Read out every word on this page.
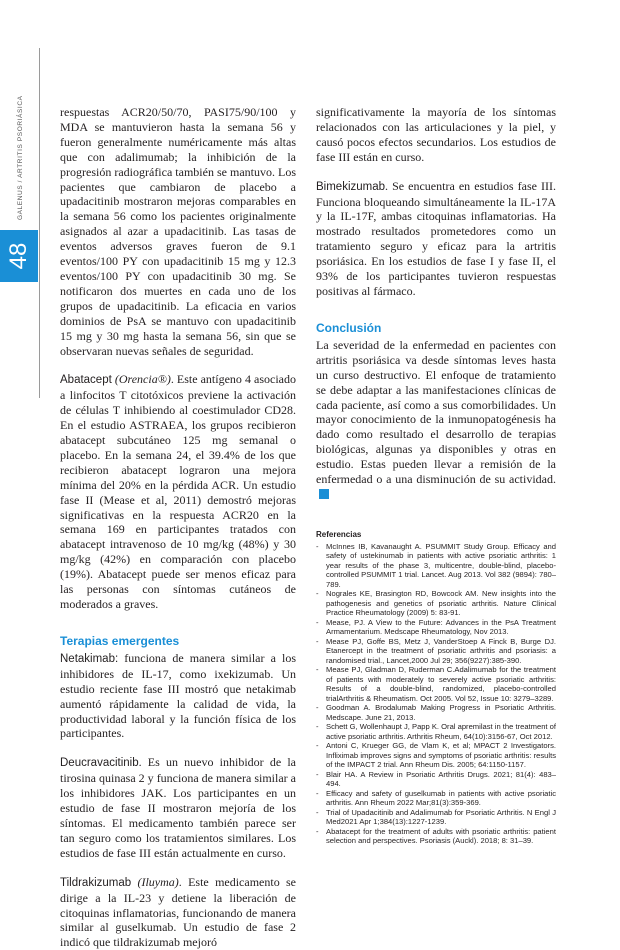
48
GALENUS / ARTRITIS PSORIÁSICA	respuestas ACR20/50/70, PASI75/90/100 y MDA se mantuvieron hasta la semana 56 y fueron generalmente numéricamente más altas que con adalimumab; la inhibición de la progresión radiográfica también se mantuvo. Los pacientes que cambiaron de placebo a upadacitinib mostraron mejoras comparables en la semana 56 como los pacientes originalmente asignados al azar a upadacitinib. Las tasas de eventos adversos graves fueron de 9.1 eventos/100 PY con upadacitinib 15 mg y 12.3 eventos/100 PY con upadacitinib 30 mg. Se notificaron dos muertes en cada uno de los grupos de upadacitinib. La eficacia en varios dominios de PsA se mantuvo con upadacitinib 15 mg y 30 mg hasta la semana 56, sin que se observaran nuevas señales de seguridad.

Abatacept (Orencia®). Este antígeno 4 asociado a linfocitos T citotóxicos previene la activación de células T inhibiendo al coestimulador CD28. En el estudio ASTRAEA, los grupos recibieron abatacept subcutáneo 125 mg semanal o placebo. En la semana 24, el 39.4% de los que recibieron abatacept lograron una mejora mínima del 20% en la pérdida ACR. Un estudio fase II (Mease et al, 2011) demostró mejoras significativas en la respuesta ACR20 en la semana 169 en participantes tratados con abatacept intravenoso de 10 mg/kg (48%) y 30 mg/kg (42%) en comparación con placebo (19%). Abatacept puede ser menos eficaz para las personas con síntomas cutáneos de moderados a graves.

Terapias emergentes

Netakimab: funciona de manera similar a los inhibidores de IL-17, como ixekizumab. Un estudio reciente fase III mostró que netakimab aumentó rápidamente la calidad de vida, la productividad laboral y la función física de los participantes.

Deucravacitinib. Es un nuevo inhibidor de la tirosina quinasa 2 y funciona de manera similar a los inhibidores JAK. Los participantes en un estudio de fase II mostraron mejoría de los síntomas. El medicamento también parece ser tan seguro como los tratamientos similares. Los estudios de fase III están actualmente en curso.

Tildrakizumab (Iluyma). Este medicamento se dirige a la IL-23 y detiene la liberación de citoquinas inflamatorias, funcionando de manera similar al guselkumab. Un estudio de fase 2 indicó que tildrakizumab mejoró

significativamente la mayoría de los síntomas relacionados con las articulaciones y la piel, y causó pocos efectos secundarios. Los estudios de fase III están en curso.

Bimekizumab. Se encuentra en estudios fase III. Funciona bloqueando simultáneamente la IL-17A y la IL-17F, ambas citoquinas inflamatorias. Ha mostrado resultados prometedores como un tratamiento seguro y eficaz para la artritis psoriásica. En los estudios de fase I y fase II, el 93% de los participantes tuvieron respuestas positivas al fármaco.

Conclusión

La severidad de la enfermedad en pacientes con artritis psoriásica va desde síntomas leves hasta un curso destructivo. El enfoque de tratamiento se debe adaptar a las manifestaciones clínicas de cada paciente, así como a sus comorbilidades. Un mayor conocimiento de la inmunopatogénesis ha dado como resultado el desarrollo de terapias biológicas, algunas ya disponibles y otras en estudio. Estas pueden llevar a remisión de la enfermedad o a una disminución de su actividad.

Referencias
- McInnes IB, Kavanaught A. PSUMMIT Study Group. Efficacy and safety of ustekinumab in patients with active psoriatic arthritis: 1 year results of the phase 3, multicentre, double-blind, placebo-controlled PSUMMIT 1 trial. Lancet. Aug 2013. Vol 382 (9894): 780–789.
- Nograles KE, Brasington RD, Bowcock AM. New insights into the pathogenesis and genetics of psoriatic arthritis. Nature Clinical Practice Rheumatology (2009) 5: 83-91.
- Mease, PJ. A View to the Future: Advances in the PsA Treatment Armamentarium. Medscape Rheumatology, Nov 2013.
- Mease PJ, Goffe BS, Metz J, VanderStoep A Finck B, Burge DJ. Etanercept in the treatment of psoriatic arthritis and psoriasis: a randomised trial., Lancet,2000 Jul 29; 356(9227):385-390.
- Mease PJ, Gladman D, Ruderman C.Adalimumab for the treatment of patients with moderately to severely active psoriatic arthritis: Results of a double-blind, randomized, placebo-controlled trialArthritis & Rheumatism. Oct 2005. Vol 52, Issue 10: 3279–3289.
- Goodman A. Brodalumab Making Progress in Psoriatic Arthritis. Medscape. June 21, 2013.
- Schett G, Wollenhaupt J, Papp K. Oral apremilast in the treatment of active psoriatic arthritis. Arthritis Rheum, 64(10):3156-67, Oct 2012.
- Antoni C, Krueger GG, de Vlam K, et al; MPACT 2 Investigators. Infliximab improves signs and symptoms of psoriatic arthritis: results of the IMPACT 2 trial. Ann Rheum Dis. 2005; 64:1150-1157.
- Blair HA. A Review in Psoriatic Arthritis Drugs. 2021; 81(4): 483–494.
- Efficacy and safety of guselkumab in patients with active psoriatic arthritis. Ann Rheum 2022 Mar;81(3):359-369.
- Trial of Upadacitinib and Adalimumab for Psoriatic Arthritis. N Engl J Med2021 Apr 1;384(13):1227-1239.
- Abatacept for the treatment of adults with psoriatic arthritis: patient selection and perspectives. Psoriasis (Auckl). 2018; 8: 31–39.
